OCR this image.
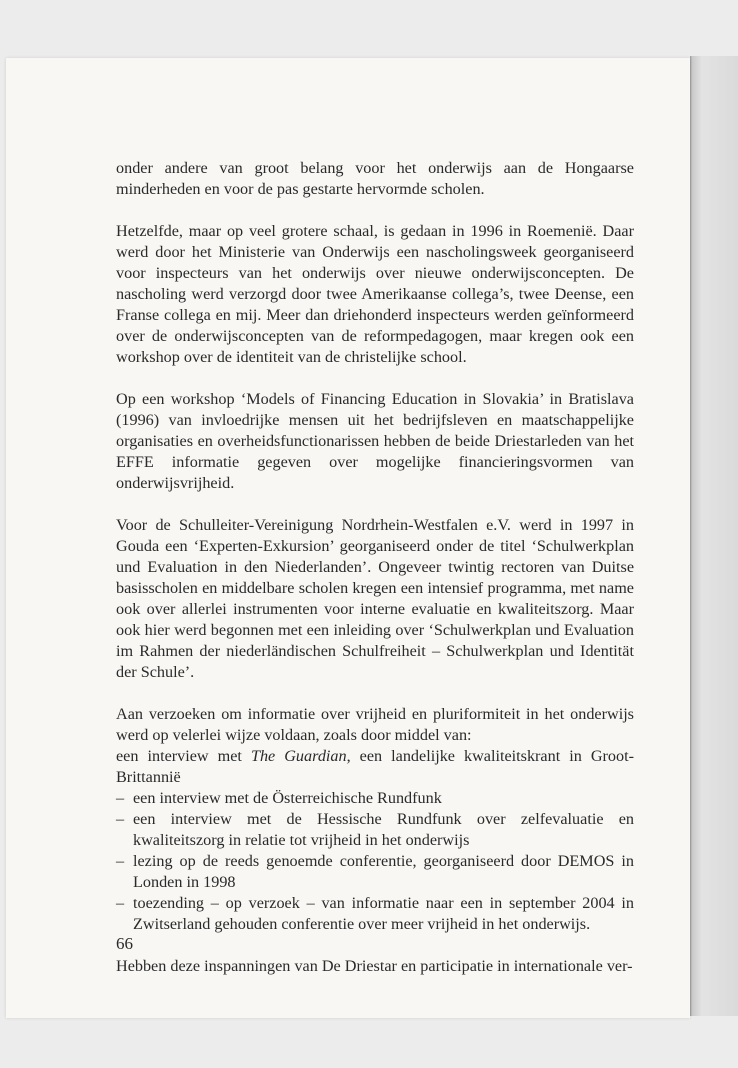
onder andere van groot belang voor het onderwijs aan de Hongaarse minderheden en voor de pas gestarte hervormde scholen.

Hetzelfde, maar op veel grotere schaal, is gedaan in 1996 in Roemenië. Daar werd door het Ministerie van Onderwijs een nascholingsweek georganiseerd voor inspecteurs van het onderwijs over nieuwe onderwijsconcepten. De nascholing werd verzorgd door twee Amerikaanse collega’s, twee Deense, een Franse collega en mij. Meer dan driehonderd inspecteurs werden geïnformeerd over de onderwijsconcepten van de reformpedagogen, maar kregen ook een workshop over de identiteit van de christelijke school.

Op een workshop ‘Models of Financing Education in Slovakia’ in Bratislava (1996) van invloedrijke mensen uit het bedrijfsleven en maatschappelijke organisaties en overheidsfunctionarissen hebben de beide Driestarleden van het EFFE informatie gegeven over mogelijke financieringsvormen van onderwijsvrijheid.

Voor de Schulleiter-Vereinigung Nordrhein-Westfalen e.V. werd in 1997 in Gouda een ‘Experten-Exkursion’ georganiseerd onder de titel ‘Schulwerkplan und Evaluation in den Niederlanden’. Ongeveer twintig rectoren van Duitse basisscholen en middelbare scholen kregen een intensief programma, met name ook over allerlei instrumenten voor interne evaluatie en kwaliteitszorg. Maar ook hier werd begonnen met een inleiding over ‘Schulwerkplan und Evaluation im Rahmen der niederländischen Schulfreiheit – Schulwerkplan und Identität der Schule’.

Aan verzoeken om informatie over vrijheid en pluriformiteit in het onderwijs werd op velerlei wijze voldaan, zoals door middel van:

een interview met The Guardian, een landelijke kwaliteitskrant in Groot-Brittannië

– een interview met de Österreichische Rundfunk
– een interview met de Hessische Rundfunk over zelfevaluatie en kwaliteitszorg in relatie tot vrijheid in het onderwijs
– lezing op de reeds genoemde conferentie, georganiseerd door DEMOS in Londen in 1998
– toezending – op verzoek – van informatie naar een in september 2004 in Zwitserland gehouden conferentie over meer vrijheid in het onderwijs.

Hebben deze inspanningen van De Driestar en participatie in internationale ver-

66
